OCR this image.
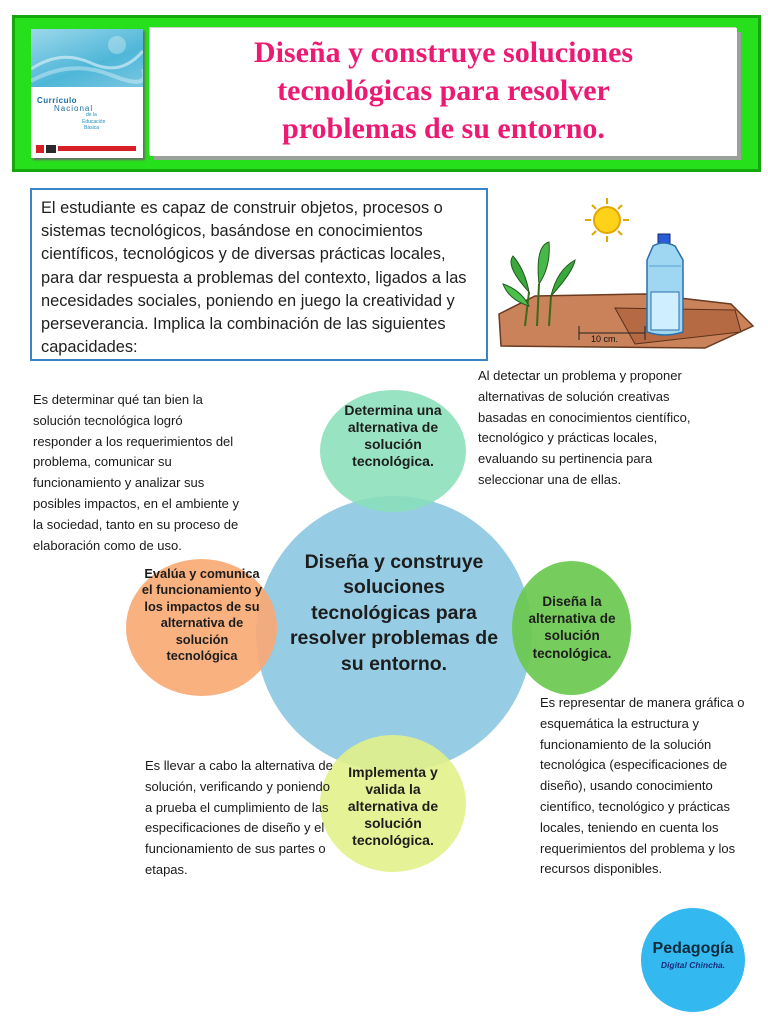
Diseña y construye soluciones
tecnológicas para resolver
problemas de su entorno.
Currículo
Nacional
de la
Educación
Básica
El estudiante es capaz de construir objetos, procesos o sistemas tecnológicos, basándose en conocimientos científicos, tecnológicos y de diversas prácticas locales, para dar respuesta a problemas del contexto, ligados a las necesidades sociales, poniendo en juego la creatividad y perseverancia. Implica la combinación de las siguientes capacidades:	10 cm.
Diseña y construye soluciones tecnológicas para resolver problemas de su entorno.
Determina una alternativa de solución tecnológica.
Diseña la alternativa de solución tecnológica.
Implementa y valida la alternativa de solución tecnológica.
Evalúa y comunica el funcionamiento y los impactos de su alternativa de solución tecnológica
Es determinar qué tan bien la solución tecnológica logró responder a los requerimientos del problema, comunicar su funcionamiento y analizar sus posibles impactos, en el ambiente y la sociedad, tanto en su proceso de elaboración como de uso.
Al detectar un problema y proponer alternativas de solución creativas basadas en conocimientos científico, tecnológico y prácticas locales, evaluando su pertinencia para seleccionar una de ellas.
Es representar de manera gráfica o esquemática la estructura y funcionamiento de la solución tecnológica (especificaciones de diseño), usando conocimiento científico, tecnológico y prácticas locales, teniendo en cuenta los requerimientos del problema y los recursos disponibles.
Es llevar a cabo la alternativa de solución, verificando y poniendo a prueba el cumplimiento de las especificaciones de diseño y el funcionamiento de sus partes o etapas.
Pedagogía
Digital Chincha.
